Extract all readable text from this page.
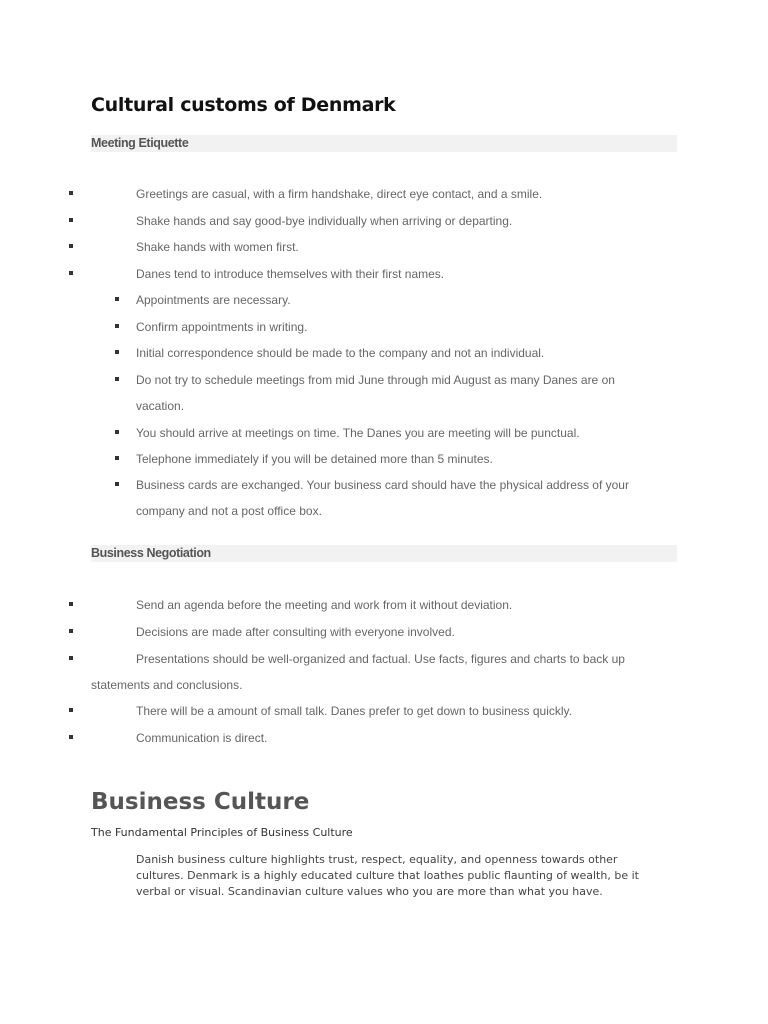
Cultural customs of Denmark
Meeting Etiquette
Greetings are casual, with a firm handshake, direct eye contact, and a smile.
Shake hands and say good-bye individually when arriving or departing.
Shake hands with women first.
Danes tend to introduce themselves with their first names.
Appointments are necessary.
Confirm appointments in writing.
Initial correspondence should be made to the company and not an individual.
Do not try to schedule meetings from mid June through mid August as many Danes are on
vacation.
You should arrive at meetings on time. The Danes you are meeting will be punctual.
Telephone immediately if you will be detained more than 5 minutes.
Business cards are exchanged. Your business card should have the physical address of your
company and not a post office box.
Business Negotiation
Send an agenda before the meeting and work from it without deviation.
Decisions are made after consulting with everyone involved.
Presentations should be well-organized and factual. Use facts, figures and charts to back up
statements and conclusions.
There will be a amount of small talk. Danes prefer to get down to business quickly.
Communication is direct.
Business Culture
The Fundamental Principles of Business Culture
Danish business culture highlights trust, respect, equality, and openness towards other
cultures. Denmark is a highly educated culture that loathes public flaunting of wealth, be it
verbal or visual. Scandinavian culture values who you are more than what you have.
